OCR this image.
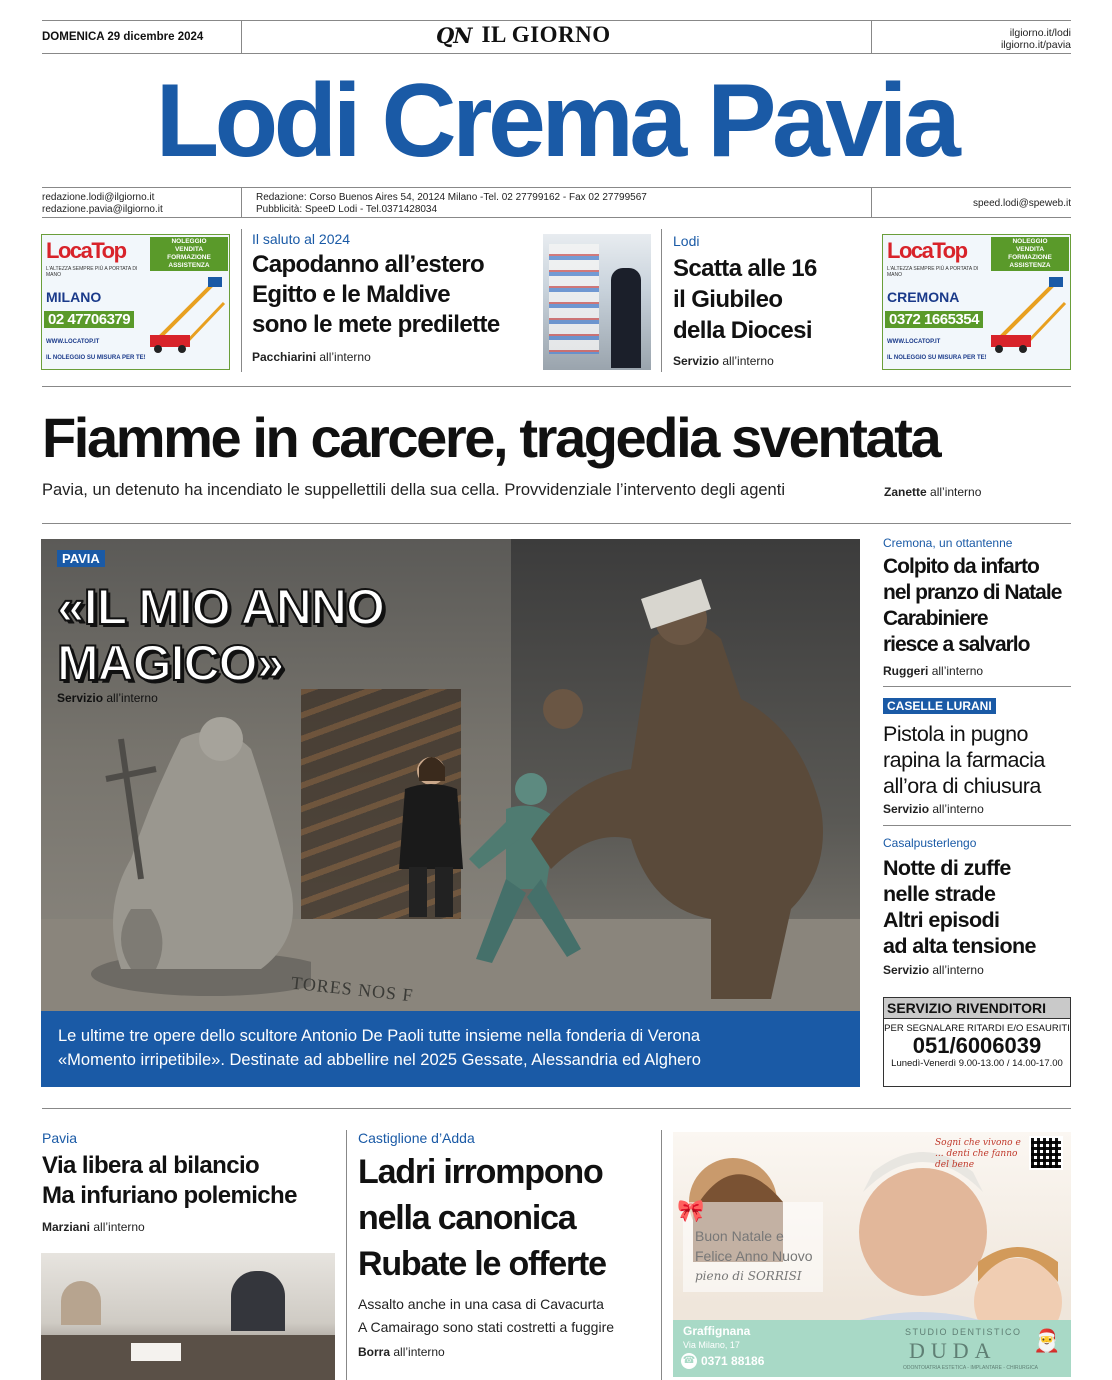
DOMENICA 29 dicembre 2024	QN IL GIORNO	ilgiorno.it/lodi
ilgiorno.it/pavia
Lodi Crema Pavia
redazione.lodi@ilgiorno.it
redazione.pavia@ilgiorno.it
Redazione: Corso Buenos Aires 54, 20124 Milano -Tel. 02 27799162 - Fax 02 27799567
Pubblicità: SpeeD Lodi - Tel.0371428034
speed.lodi@speweb.it
LocaTop
L'ALTEZZA SEMPRE PIÙ A PORTATA DI MANO
NOLEGGIO
VENDITA
FORMAZIONE
ASSISTENZA
MILANO
02 47706379
WWW.LOCATOP.IT
IL NOLEGGIO SU MISURA PER TE!
Il saluto al 2024
Capodanno all’estero
Egitto e le Maldive
sono le mete predilette
Pacchiarini all’interno
Lodi
Scatta alle 16
il Giubileo
della Diocesi
Servizio all’interno
LocaTop
L'ALTEZZA SEMPRE PIÙ A PORTATA DI MANO
NOLEGGIO
VENDITA
FORMAZIONE
ASSISTENZA
CREMONA
0372 1665354
WWW.LOCATOP.IT
IL NOLEGGIO SU MISURA PER TE!
Fiamme in carcere, tragedia sventata
Pavia, un detenuto ha incendiato le suppellettili della sua cella. Provvidenziale l’intervento degli agenti	Zanette all’interno
TORES NOS F
PAVIA
«IL MIO ANNO
MAGICO»
Servizio all’interno
Le ultime tre opere dello scultore Antonio De Paoli tutte insieme nella fonderia di Verona
«Momento irripetibile». Destinate ad abbellire nel 2025 Gessate, Alessandria ed Alghero
Cremona, un ottantenne
Colpito da infarto
nel pranzo di Natale
Carabiniere
riesce a salvarlo
Ruggeri all’interno
CASELLE LURANI
Pistola in pugno
rapina la farmacia
all’ora di chiusura
Servizio all’interno
Casalpusterlengo
Notte di zuffe
nelle strade
Altri episodi
ad alta tensione
Servizio all’interno
SERVIZIO RIVENDITORI
PER SEGNALARE RITARDI E/O ESAURITI
051/6006039
Lunedì-Venerdì 9.00-13.00 / 14.00-17.00
Pavia
Via libera al bilancio
Ma infuriano polemiche
Marziani all’interno
Castiglione d’Adda
Ladri irrompono
nella canonica
Rubate le offerte
Assalto anche in una casa di Cavacurta
A Camairago sono stati costretti a fuggire
Borra all’interno
Sogni che vivono e ... denti che fanno del bene
🎀
Buon Natale e
Felice Anno Nuovo
pieno di SORRISI
Graffignana
Via Milano, 17
☎ 0371 88186
STUDIO DENTISTICO
DUDA
ODONTOIATRIA ESTETICA - IMPLANTARE - CHIRURGICA
🎅
